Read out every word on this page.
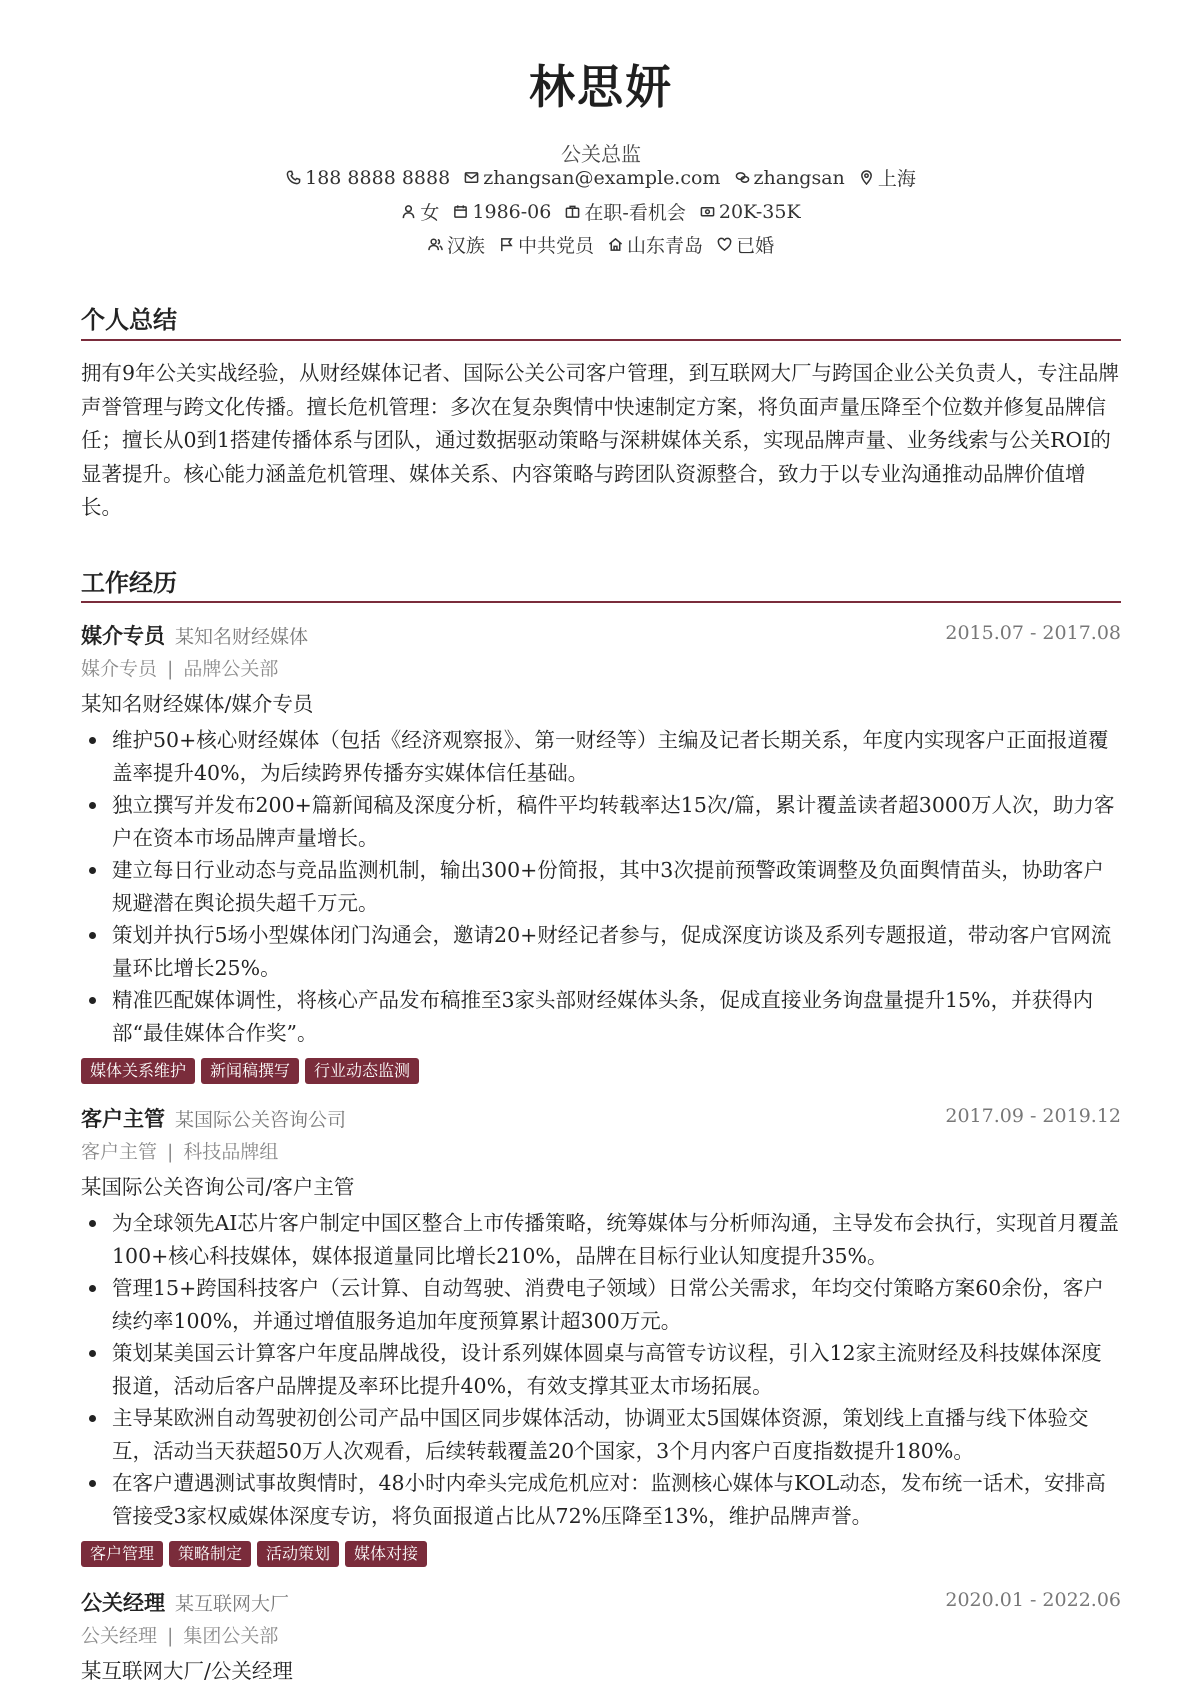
林思妍
公关总监
188 8888 8888
zhangsan@example.com
zhangsan
上海
女
1986-06
在职-看机会
20K-35K
汉族
中共党员
山东青岛
已婚
个人总结
拥有9年公关实战经验，从财经媒体记者、国际公关公司客户管理，到互联网大厂与跨国企业公关负责人，专注品牌声誉管理与跨文化传播。擅长危机管理：多次在复杂舆情中快速制定方案，将负面声量压降至个位数并修复品牌信任；擅长从0到1搭建传播体系与团队，通过数据驱动策略与深耕媒体关系，实现品牌声量、业务线索与公关ROI的显著提升。核心能力涵盖危机管理、媒体关系、内容策略与跨团队资源整合，致力于以专业沟通推动品牌价值增长。
工作经历
媒介专员 某知名财经媒体	2015.07 - 2017.08
媒介专员 | 品牌公关部
某知名财经媒体/媒介专员
维护50+核心财经媒体（包括《经济观察报》、第一财经等）主编及记者长期关系，年度内实现客户正面报道覆盖率提升40%，为后续跨界传播夯实媒体信任基础。
独立撰写并发布200+篇新闻稿及深度分析，稿件平均转载率达15次/篇，累计覆盖读者超3000万人次，助力客户在资本市场品牌声量增长。
建立每日行业动态与竞品监测机制，输出300+份简报，其中3次提前预警政策调整及负面舆情苗头，协助客户规避潜在舆论损失超千万元。
策划并执行5场小型媒体闭门沟通会，邀请20+财经记者参与，促成深度访谈及系列专题报道，带动客户官网流量环比增长25%。
精准匹配媒体调性，将核心产品发布稿推至3家头部财经媒体头条，促成直接业务询盘量提升15%，并获得内部“最佳媒体合作奖”。
媒体关系维护	新闻稿撰写	行业动态监测
客户主管 某国际公关咨询公司	2017.09 - 2019.12
客户主管 | 科技品牌组
某国际公关咨询公司/客户主管
为全球领先AI芯片客户制定中国区整合上市传播策略，统筹媒体与分析师沟通，主导发布会执行，实现首月覆盖100+核心科技媒体，媒体报道量同比增长210%，品牌在目标行业认知度提升35%。
管理15+跨国科技客户（云计算、自动驾驶、消费电子领域）日常公关需求，年均交付策略方案60余份，客户续约率100%，并通过增值服务追加年度预算累计超300万元。
策划某美国云计算客户年度品牌战役，设计系列媒体圆桌与高管专访议程，引入12家主流财经及科技媒体深度报道，活动后客户品牌提及率环比提升40%，有效支撑其亚太市场拓展。
主导某欧洲自动驾驶初创公司产品中国区同步媒体活动，协调亚太5国媒体资源，策划线上直播与线下体验交互，活动当天获超50万人次观看，后续转载覆盖20个国家，3个月内客户百度指数提升180%。
在客户遭遇测试事故舆情时，48小时内牵头完成危机应对：监测核心媒体与KOL动态，发布统一话术，安排高管接受3家权威媒体深度专访，将负面报道占比从72%压降至13%，维护品牌声誉。
客户管理	策略制定	活动策划	媒体对接
公关经理 某互联网大厂	2020.01 - 2022.06
公关经理 | 集团公关部
某互联网大厂/公关经理
